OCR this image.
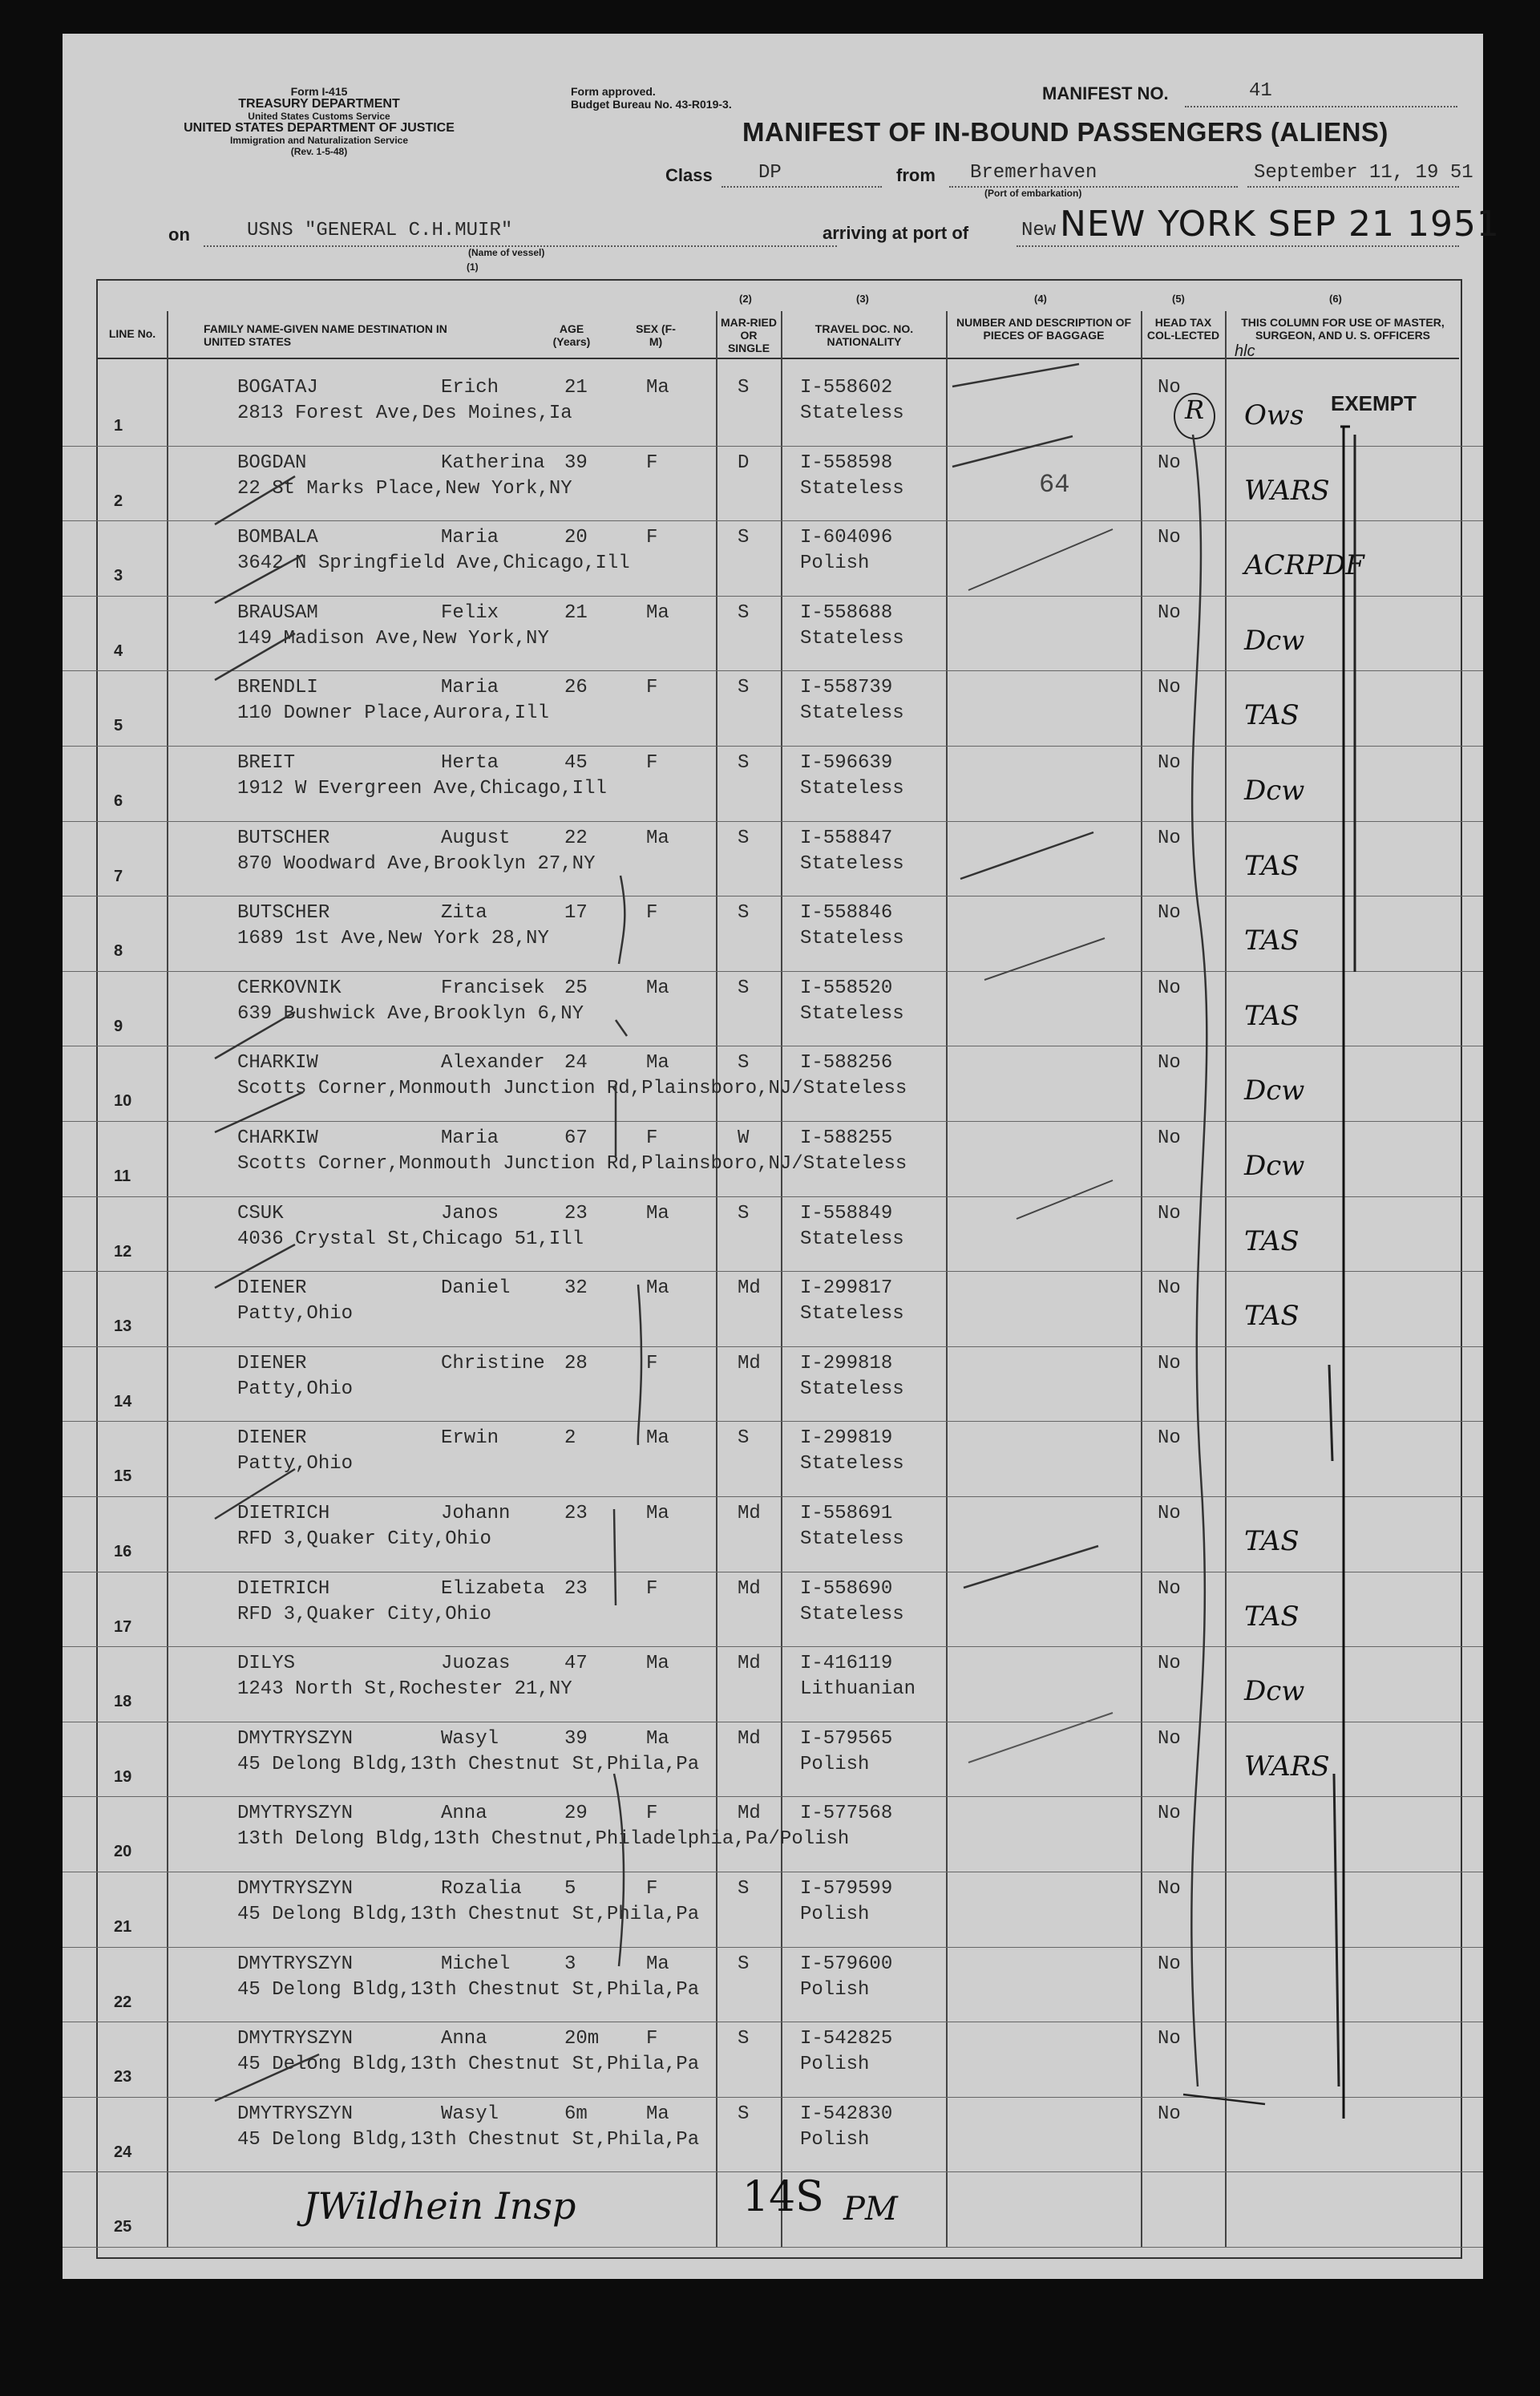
Form I-415
TREASURY DEPARTMENT
United States Customs Service
UNITED STATES DEPARTMENT OF JUSTICE
Immigration and Naturalization Service
(Rev. 1-5-48)
Form approved.
Budget Bureau No. 43-R019-3.
MANIFEST NO.	41
MANIFEST OF IN-BOUND PASSENGERS (ALIENS)
Class DP	from Bremerhaven
(Port of embarkation)
September 11, 19 51
on	USNS "GENERAL C.H.MUIR"
(Name of vessel)
arriving at port of	New NEW YORK SEP 21 1951
(1)
(2)	(3)	(4)	(5)	(6)
LINE No.	FAMILY NAME-GIVEN NAME DESTINATION IN UNITED STATES
AGE (Years)
SEX (F-M)
MAR-RIED OR SINGLE
TRAVEL DOC. NO. NATIONALITY
NUMBER AND DESCRIPTION OF PIECES OF BAGGAGE
HEAD TAX COL-LECTED
THIS COLUMN FOR USE OF MASTER, SURGEON, AND U. S. OFFICERS
1
BOGATAJ	Erich	21	Ma	S	I-558602
2813 Forest Ave,Des Moines,Ia	Stateless
No
Ows
2
BOGDAN	Katherina 39	F	D	I-558598
22 St Marks Place,New York,NY	Stateless
No
WARS
3
BOMBALA	Maria	20	F	S	I-604096
3642 N Springfield Ave,Chicago,Ill	Polish
No
ACRPDF
4
BRAUSAM	Felix	21	Ma	S	I-558688
149 Madison Ave,New York,NY	Stateless
No
Dcw
5
BRENDLI	Maria	26	F	S	I-558739
110 Downer Place,Aurora,Ill	Stateless
No
TAS
6
BREIT	Herta	45	F	S	I-596639
1912 W Evergreen Ave,Chicago,Ill	Stateless
No
Dcw
7
BUTSCHER	August	22	Ma	S	I-558847
870 Woodward Ave,Brooklyn 27,NY	Stateless
No
TAS
8
BUTSCHER	Zita	17	F	S	I-558846
1689 1st Ave,New York 28,NY	Stateless
No
TAS
9
CERKOVNIK	Francisek 25	Ma	S	I-558520
639 Bushwick Ave,Brooklyn 6,NY	Stateless
No
TAS
10
CHARKIW	Alexander 24	Ma	S	I-588256
Scotts Corner,Monmouth Junction Rd,Plainsboro,NJ/Stateless
No
Dcw
11
CHARKIW	Maria	67	F	W	I-588255
Scotts Corner,Monmouth Junction Rd,Plainsboro,NJ/Stateless
No
Dcw
12
CSUK	Janos	23	Ma	S	I-558849
4036 Crystal St,Chicago 51,Ill	Stateless
No
TAS
13
DIENER	Daniel	32	Ma	Md I-299817
Patty,Ohio	Stateless
No
TAS
14
DIENER	Christine 28	F	Md I-299818
Patty,Ohio	Stateless
No
15
DIENER	Erwin	2	Ma	S	I-299819
Patty,Ohio	Stateless
No
16
DIETRICH	Johann	23	Ma	Md I-558691
RFD 3,Quaker City,Ohio	Stateless
No
TAS
17
DIETRICH	Elizabeta 23	F	Md I-558690
RFD 3,Quaker City,Ohio	Stateless
No
TAS
18
DILYS	Juozas	47	Ma	Md I-416119
1243 North St,Rochester 21,NY	Lithuanian
No
Dcw
19
DMYTRYSZYN	Wasyl	39	Ma	Md I-579565
45 Delong Bldg,13th Chestnut St,Phila,Pa	Polish
No
WARS
20
DMYTRYSZYN	Anna	29	F	Md I-577568
13th Delong Bldg,13th Chestnut,Philadelphia,Pa/Polish
No
21
DMYTRYSZYN	Rozalia 5	F	S	I-579599
45 Delong Bldg,13th Chestnut St,Phila,Pa	Polish
No
22
DMYTRYSZYN	Michel	3	Ma	S	I-579600
45 Delong Bldg,13th Chestnut St,Phila,Pa	Polish
No
23
DMYTRYSZYN	Anna	20m F	S	I-542825
45 Delong Bldg,13th Chestnut St,Phila,Pa	Polish
No
24
DMYTRYSZYN	Wasyl	6m	Ma	S	I-542830
45 Delong Bldg,13th Chestnut St,Phila,Pa	Polish
No
25
hlc
EXEMPT
64
R
JWildhein Insp	14S PM
